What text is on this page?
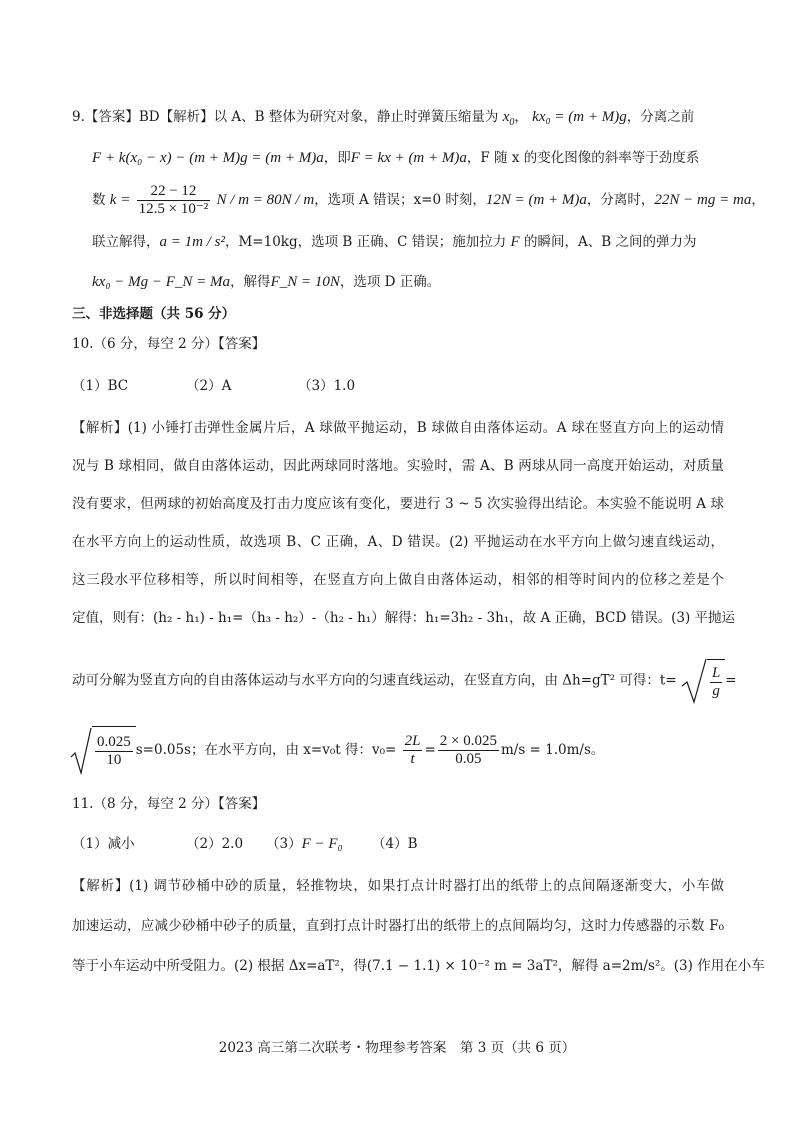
9.【答案】BD【解析】以 A、B 整体为研究对象，静止时弹簧压缩量为 $x_0$， kx₀ = (m + M)g，分离之前
F + k(x₀ − x) − (m + M)g = (m + M)a，即F = kx + (m + M)a，F 随 x 的变化图像的斜率等于劲度系
数 $k = \frac{22 - 12}{\text{12.5 × 10⁻²}}$ N / m = 80N / m，选项 A 错误；x=0 时刻，12N = (m + M)a，分离时，22N − mg = ma，
联立解得，a = 1m / s²，M=10kg，选项 B 正确、C 错误；施加拉力 F 的瞬间，A、B 之间的弹力为
kx₀ − Mg − F_N = Ma，解得F_N = 10N，选项 D 正确。
三、非选择题（共 56 分）
10.（6 分，每空 2 分）【答案】
（1）BC	（2）A	（3）1.0
【解析】(1) 小锤打击弹性金属片后，A 球做平抛运动，B 球做自由落体运动。A 球在竖直方向上的运动情
况与 B 球相同，做自由落体运动，因此两球同时落地。实验时，需 A、B 两球从同一高度开始运动，对质量
没有要求，但两球的初始高度及打击力度应该有变化，要进行 3 ~ 5 次实验得出结论。本实验不能说明 A 球
在水平方向上的运动性质，故选项 B、C 正确，A、D 错误。(2) 平抛运动在水平方向上做匀速直线运动，
这三段水平位移相等，所以时间相等，在竖直方向上做自由落体运动，相邻的相等时间内的位移之差是个
定值，则有：(h₂ - h₁) - h₁=（h₃ - h₂）-（h₂ - h₁）解得：h₁=3h₂ - 3h₁，故 A 正确，BCD 错误。(3) 平抛运
动可分解为竖直方向的自由落体运动与水平方向的匀速直线运动，在竖直方向，由 Δh=gT² 可得：$t= \frac{L}{g}$ =
$\frac{0.025}{10} s=0.05s$；在水平方向，由 x=v₀t 得：$v_0= \frac{2L}{t} = \frac{2 \times 0.025}{0.05} m/s = 1.0m/s$。
11.（8 分，每空 2 分）【答案】
（1）减小	（2）2.0 （3）F − F₀ （4）B
【解析】(1) 调节砂桶中砂的质量，轻推物块，如果打点计时器打出的纸带上的点间隔逐渐变大，小车做
加速运动，应减少砂桶中砂子的质量，直到打点计时器打出的纸带上的点间隔均匀，这时力传感器的示数 F₀
等于小车运动中所受阻力。(2) 根据 Δx=aT²，得(7.1 − 1.1) × 10⁻² m = 3aT²，解得 a=2m/s²。(3) 作用在小车
2023 高三第二次联考・物理参考答案　第 3 页（共 6 页）
